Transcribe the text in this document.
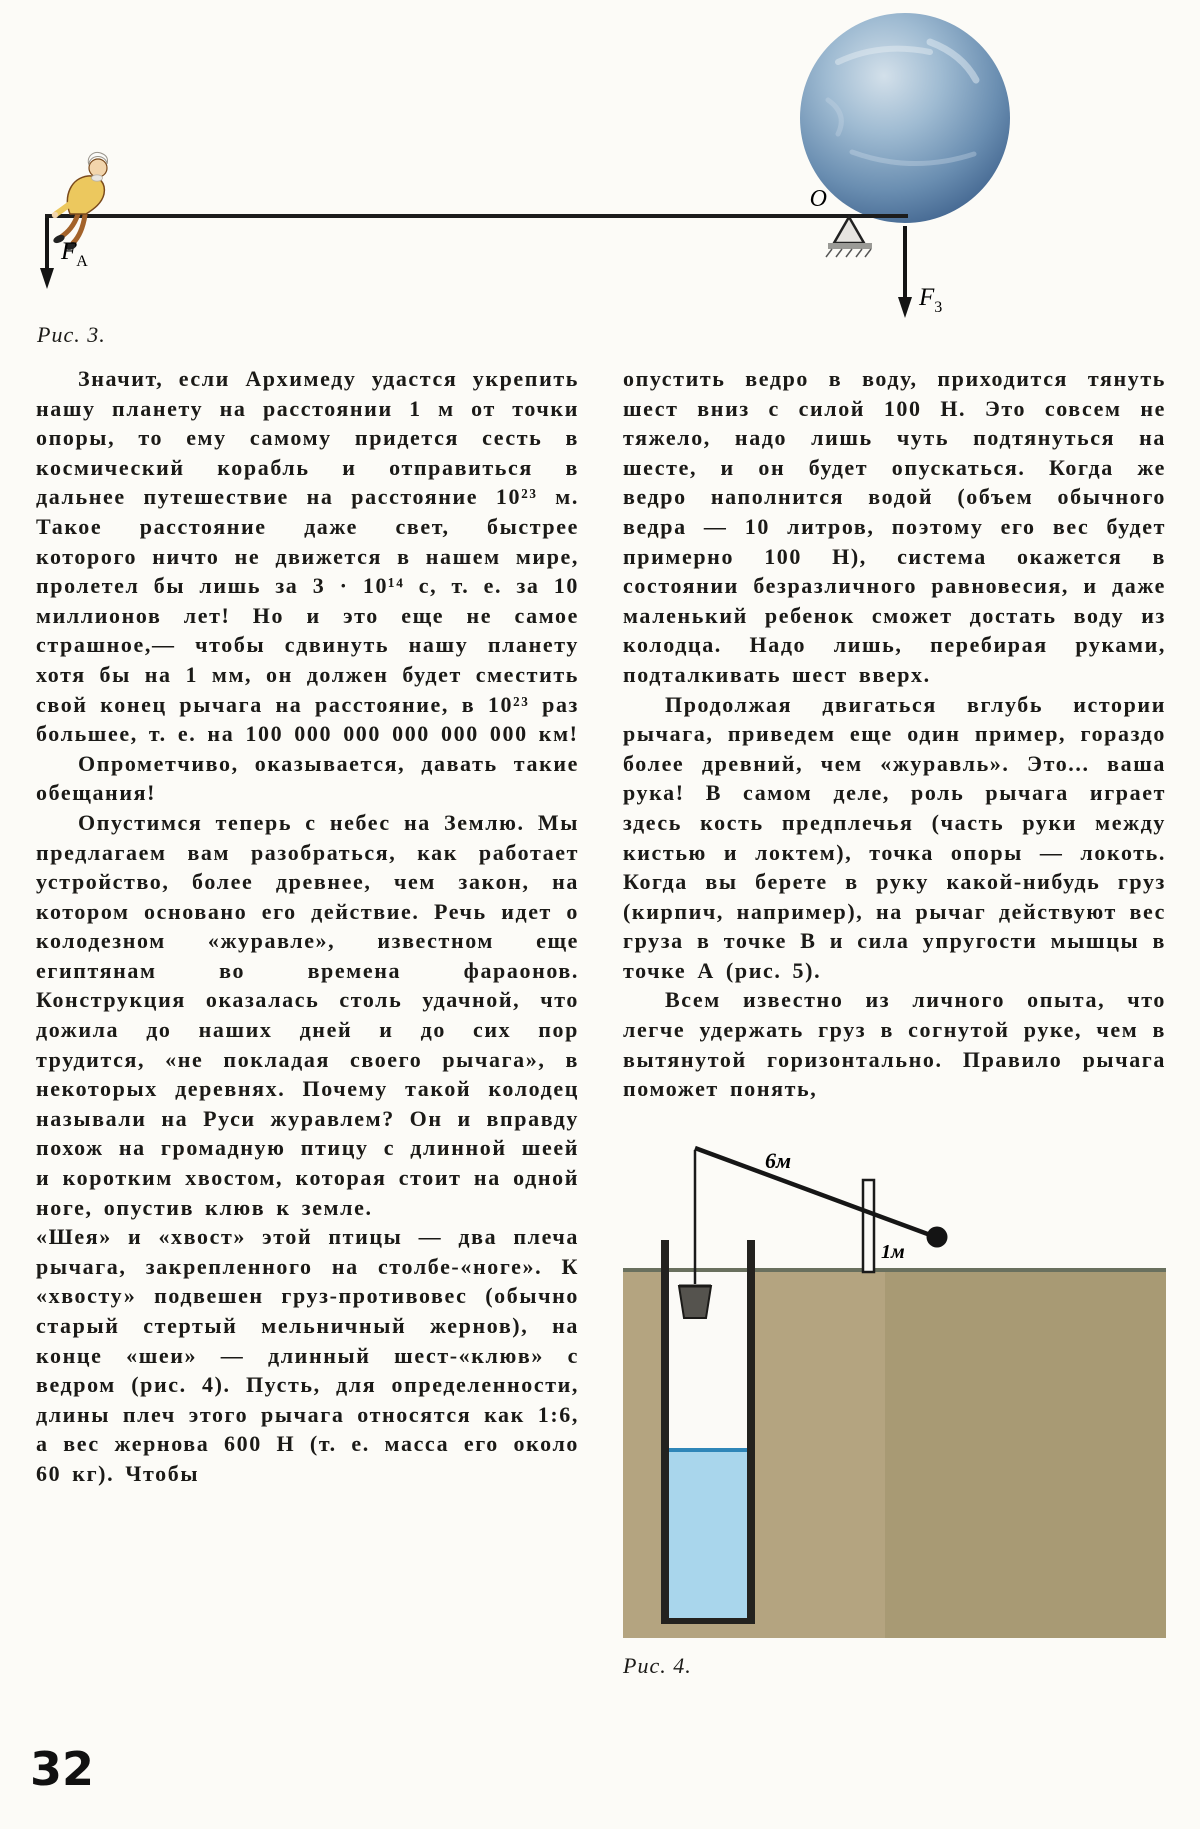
O
$F_A$
$F_3$
Рис. 3.

Значит, если Архимеду удастся укрепить нашу планету на расстоянии 1 м от точки опоры, то ему самому придется сесть в космический корабль и отправиться в дальнее путешествие на расстояние 10²³ м. Такое расстояние даже свет, быстрее которого ничто не движется в нашем мире, пролетел бы лишь за 3 · 10¹⁴ с, т. е. за 10 миллионов лет! Но и это еще не самое страшное,— чтобы сдвинуть нашу планету хотя бы на 1 мм, он должен будет сместить свой конец рычага на расстояние, в 10²³ раз большее, т. е. на 100 000 000 000 000 000 км!

Опрометчиво, оказывается, давать такие обещания!

Опустимся теперь с небес на Землю. Мы предлагаем вам разобраться, как работает устройство, более древнее, чем закон, на котором основано его действие. Речь идет о колодезном «журавле», известном еще египтянам во времена фараонов. Конструкция оказалась столь удачной, что дожила до наших дней и до сих пор трудится, «не покладая своего рычага», в некоторых деревнях. Почему такой колодец называли на Руси журавлем? Он и вправду похож на громадную птицу с длинной шеей и коротким хвостом, которая стоит на одной ноге, опустив клюв к земле.

«Шея» и «хвост» этой птицы — два плеча рычага, закрепленного на столбе-«ноге». К «хвосту» подвешен груз-противовес (обычно старый стертый мельничный жернов), на конце «шеи» — длинный шест-«клюв» с ведром (рис. 4). Пусть, для определенности, длины плеч этого рычага относятся как 1:6, а вес жернова 600 Н (т. е. масса его около 60 кг). Чтобы

опустить ведро в воду, приходится тянуть шест вниз с силой 100 Н. Это совсем не тяжело, надо лишь чуть подтянуться на шесте, и он будет опускаться. Когда же ведро наполнится водой (объем обычного ведра — 10 литров, поэтому его вес будет примерно 100 Н), система окажется в состоянии безразличного равновесия, и даже маленький ребенок сможет достать воду из колодца. Надо лишь, перебирая руками, подталкивать шест вверх.

Продолжая двигаться вглубь истории рычага, приведем еще один пример, гораздо более древний, чем «журавль». Это... ваша рука! В самом деле, роль рычага играет здесь кость предплечья (часть руки между кистью и локтем), точка опоры — локоть. Когда вы берете в руку какой-нибудь груз (кирпич, например), на рычаг действуют вес груза в точке В и сила упругости мышцы в точке А (рис. 5).

Всем известно из личного опыта, что легче удержать груз в согнутой руке, чем в вытянутой горизонтально. Правило рычага поможет понять,

6м
1м
Рис. 4.
32
